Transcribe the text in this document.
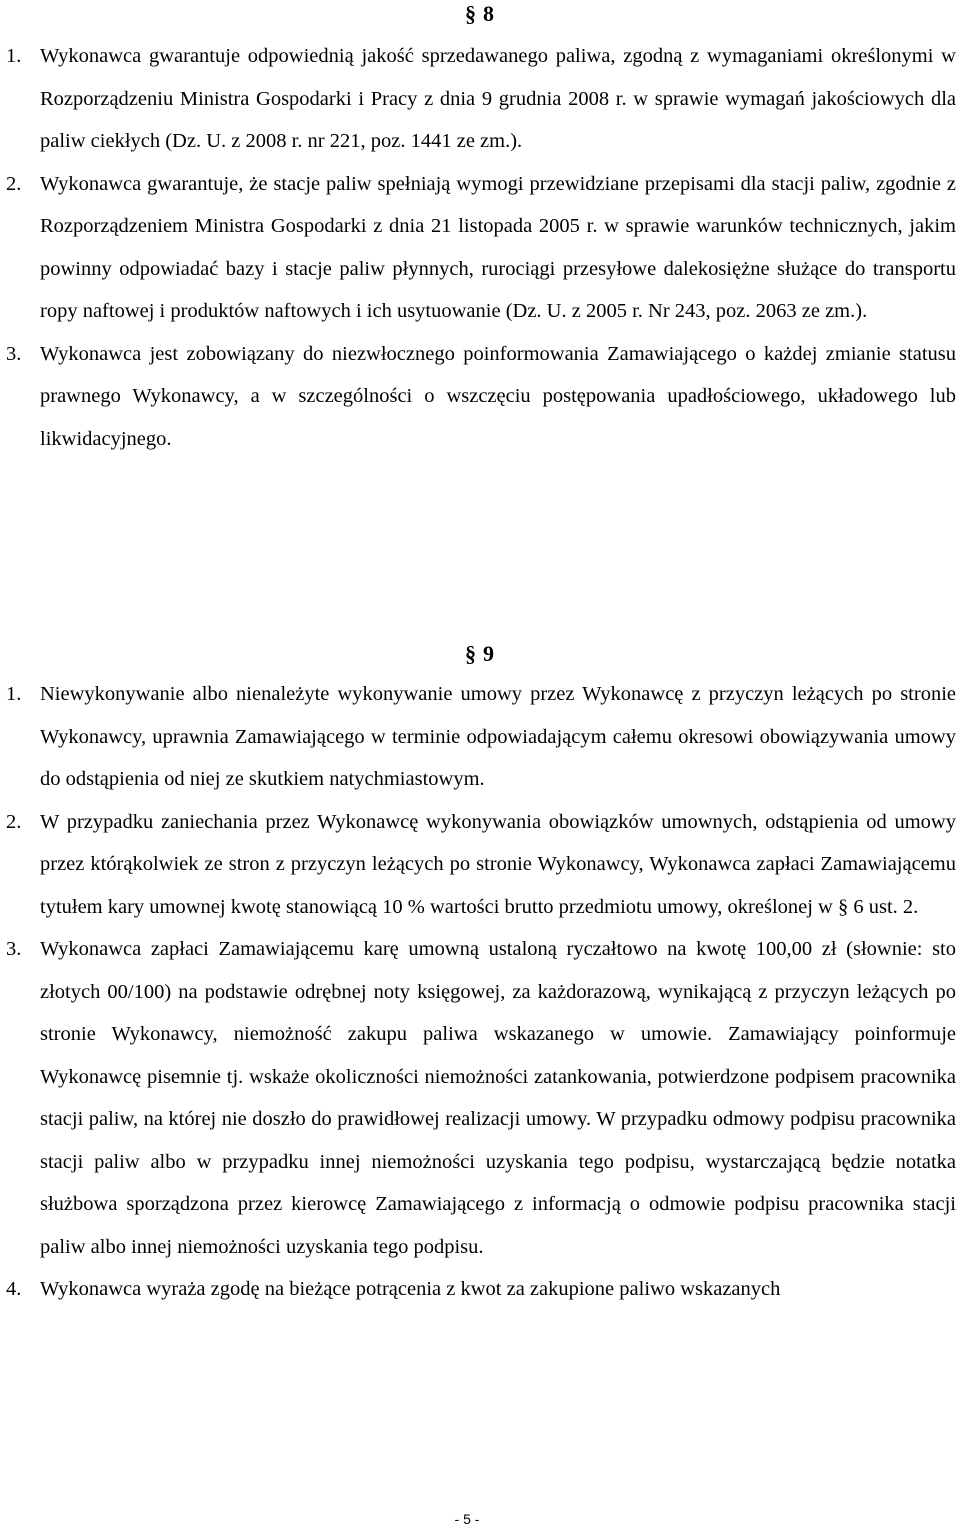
§ 8
1. Wykonawca gwarantuje odpowiednią jakość sprzedawanego paliwa, zgodną z wymaganiami określonymi w Rozporządzeniu Ministra Gospodarki i Pracy z dnia 9 grudnia 2008 r. w sprawie wymagań jakościowych dla paliw ciekłych (Dz. U. z 2008 r. nr 221, poz. 1441 ze zm.).
2. Wykonawca gwarantuje, że stacje paliw spełniają wymogi przewidziane przepisami dla stacji paliw, zgodnie z Rozporządzeniem Ministra Gospodarki z dnia 21 listopada 2005 r. w sprawie warunków technicznych, jakim powinny odpowiadać bazy i stacje paliw płynnych, rurociągi przesyłowe dalekosiężne służące do transportu ropy naftowej i produktów naftowych i ich usytuowanie (Dz. U. z 2005 r. Nr 243, poz. 2063 ze zm.).
3. Wykonawca jest zobowiązany do niezwłocznego poinformowania Zamawiającego o każdej zmianie statusu prawnego Wykonawcy, a w szczególności o wszczęciu postępowania upadłościowego, układowego lub likwidacyjnego.
§ 9
1. Niewykonywanie albo nienależyte wykonywanie umowy przez Wykonawcę z przyczyn leżących po stronie Wykonawcy, uprawnia Zamawiającego w terminie odpowiadającym całemu okresowi obowiązywania umowy do odstąpienia od niej ze skutkiem natychmiastowym.
2. W przypadku zaniechania przez Wykonawcę wykonywania obowiązków umownych, odstąpienia od umowy przez którąkolwiek ze stron z przyczyn leżących po stronie Wykonawcy, Wykonawca zapłaci Zamawiającemu tytułem kary umownej kwotę stanowiącą 10 % wartości brutto przedmiotu umowy, określonej w § 6 ust. 2.
3. Wykonawca zapłaci Zamawiającemu karę umowną ustaloną ryczałtowo na kwotę 100,00 zł (słownie: sto złotych 00/100) na podstawie odrębnej noty księgowej, za każdorazową, wynikającą z przyczyn leżących po stronie Wykonawcy, niemożność zakupu paliwa wskazanego w umowie. Zamawiający poinformuje Wykonawcę pisemnie tj. wskaże okoliczności niemożności zatankowania, potwierdzone podpisem pracownika stacji paliw, na której nie doszło do prawidłowej realizacji umowy. W przypadku odmowy podpisu pracownika stacji paliw albo w przypadku innej niemożności uzyskania tego podpisu, wystarczającą będzie notatka służbowa sporządzona przez kierowcę Zamawiającego z informacją o odmowie podpisu pracownika stacji paliw albo innej niemożności uzyskania tego podpisu.
4. Wykonawca wyraża zgodę na bieżące potrącenia z kwot za zakupione paliwo wskazanych
- 5 -
